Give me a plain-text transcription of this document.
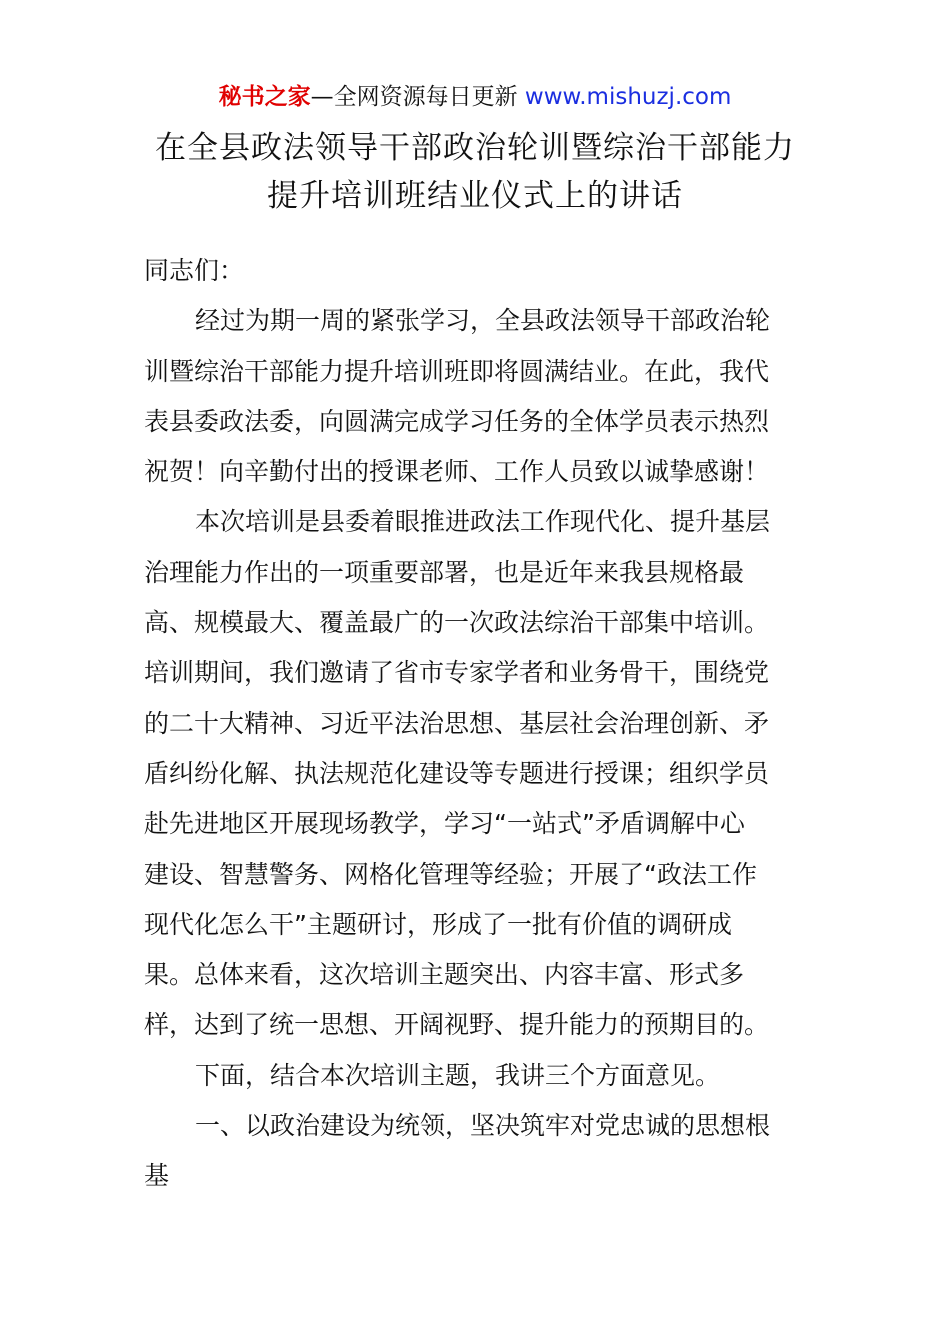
秘书之家—全网资源每日更新 www.mishuzj.com
在全县政法领导干部政治轮训暨综治干部能力
提升培训班结业仪式上的讲话
同志们：
经过为期一周的紧张学习，全县政法领导干部政治轮
训暨综治干部能力提升培训班即将圆满结业。在此，我代
表县委政法委，向圆满完成学习任务的全体学员表示热烈
祝贺！向辛勤付出的授课老师、工作人员致以诚挚感谢！
本次培训是县委着眼推进政法工作现代化、提升基层
治理能力作出的一项重要部署，也是近年来我县规格最
高、规模最大、覆盖最广的一次政法综治干部集中培训。
培训期间，我们邀请了省市专家学者和业务骨干，围绕党
的二十大精神、习近平法治思想、基层社会治理创新、矛
盾纠纷化解、执法规范化建设等专题进行授课；组织学员
赴先进地区开展现场教学，学习“一站式”矛盾调解中心
建设、智慧警务、网格化管理等经验；开展了“政法工作
现代化怎么干”主题研讨，形成了一批有价值的调研成
果。总体来看，这次培训主题突出、内容丰富、形式多
样，达到了统一思想、开阔视野、提升能力的预期目的。
下面，结合本次培训主题，我讲三个方面意见。
一、以政治建设为统领，坚决筑牢对党忠诚的思想根
基
